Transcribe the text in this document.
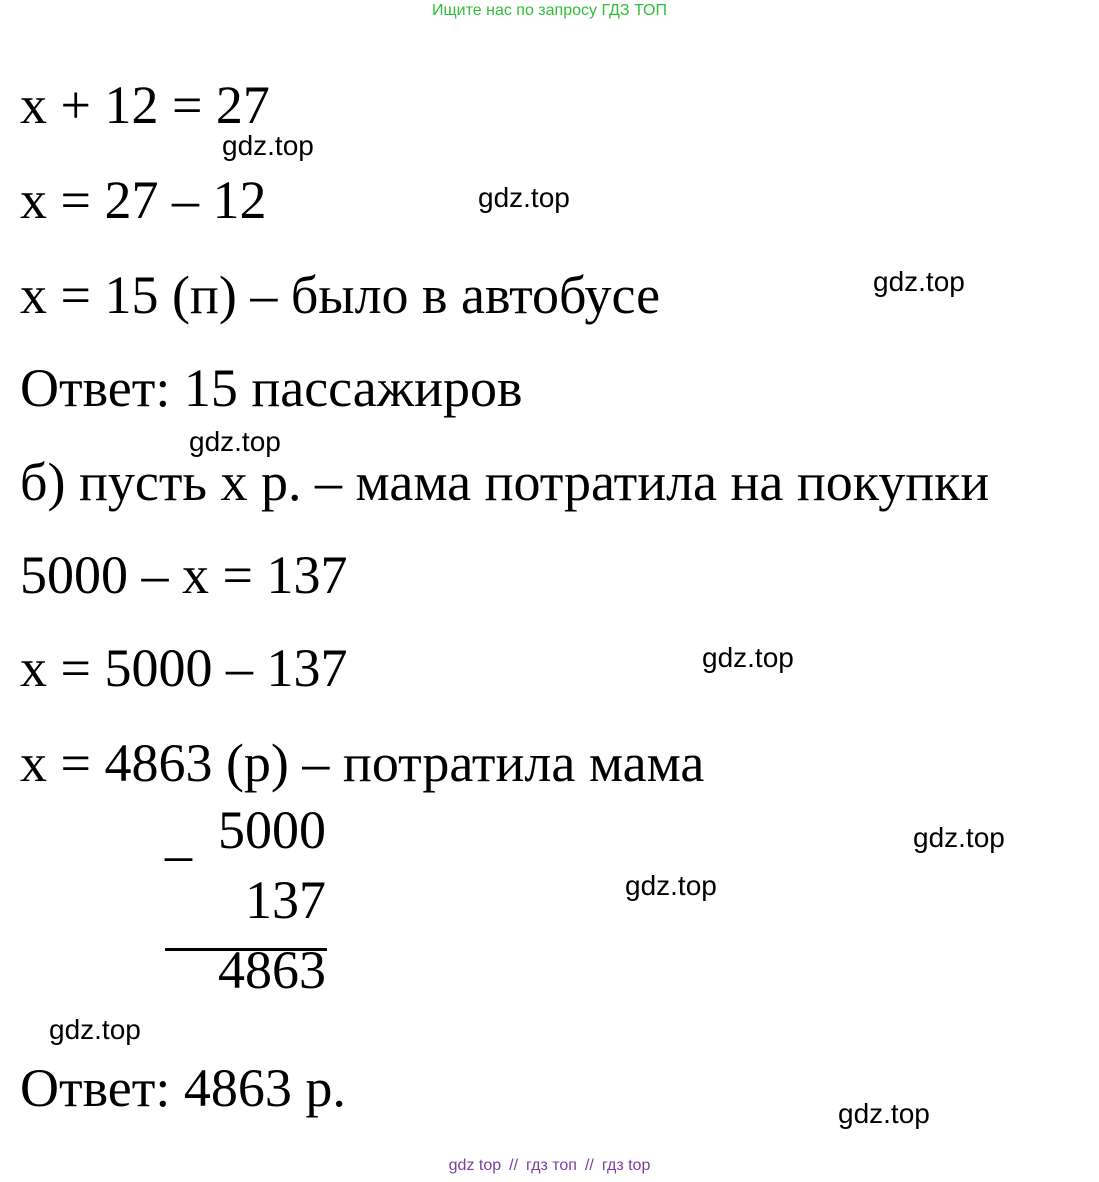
Ищите нас по запросу ГДЗ ТОП
x + 12 = 27
x = 27 – 12
x = 15 (п) – было в автобусе
Ответ: 15 пассажиров
б) пусть x р. – мама потратила на покупки
5000 – x = 137
x = 5000 – 137
x = 4863 (р) – потратила мама
_ 5000
137
4863
Ответ: 4863 р.
gdz.top
gdz.top
gdz.top
gdz.top
gdz.top
gdz.top
gdz.top
gdz.top
gdz.top
gdz top // гдз топ // гдз top
